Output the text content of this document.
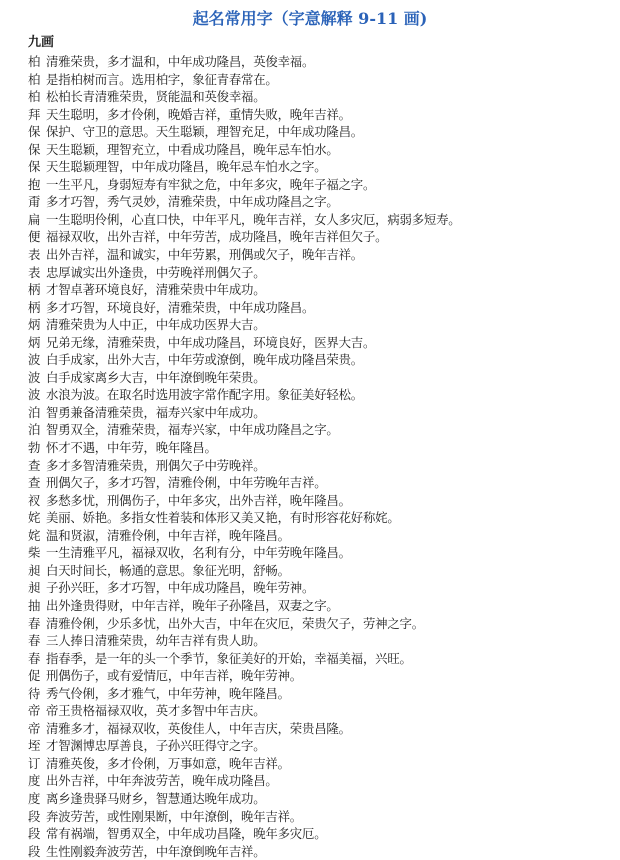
起名常用字（字意解释 9-11 画)
九画
柏 清雅荣贵，多才温和，中年成功隆昌，英俊幸福。
柏 是指柏树而言。选用柏字，象征青春常在。
柏 松柏长青清雅荣贵，贤能温和英俊幸福。
拜 天生聪明，多才伶俐，晚婚吉祥，重情失败，晚年吉祥。
保 保护、守卫的意思。天生聪颖，理智充足，中年成功隆昌。
保 天生聪颖，理智充立，中看成功隆昌，晚年忌车怕水。
保 天生聪颖理智，中年成功隆昌，晚年忌车怕水之字。
抱 一生平凡，身弱短寿有牢狱之危，中年多灾，晚年子福之字。
甭 多才巧智，秀气灵妙，清雅荣贵，中年成功隆昌之字。
扁 一生聪明伶俐，心直口快，中年平凡，晚年吉祥，女人多灾厄，病弱多短寿。
便 福禄双收，出外吉祥，中年劳苦，成功隆昌，晚年吉祥但欠子。
表 出外吉祥，温和诚实，中年劳累，刑偶或欠子，晚年吉祥。
表 忠厚诚实出外逢贵，中劳晚祥刑偶欠子。
柄 才智卓著环境良好，清雅荣贵中年成功。
柄 多才巧智，环境良好，清雅荣贵，中年成功隆昌。
炳 清雅荣贵为人中正，中年成功医界大吉。
炳 兄弟无缘，清雅荣贵，中年成功隆昌，环境良好，医界大吉。
波 白手成家，出外大吉，中年劳或潦倒，晚年成功隆昌荣贵。
波 白手成家离乡大吉，中年潦倒晚年荣贵。
波 水浪为波。在取名时选用波字常作配字用。象征美好轻松。
泊 智勇兼备清雅荣贵，福寿兴家中年成功。
泊 智勇双全，清雅荣贵，福寿兴家，中年成功隆昌之字。
勃 怀才不遇，中年劳，晚年隆昌。
查 多才多智清雅荣贵，刑偶欠子中劳晚祥。
查 刑偶欠子，多才巧智，清雅伶俐，中年劳晚年吉祥。
衩 多愁多忧，刑偶伤子，中年多灾，出外吉祥，晚年隆昌。
姹 美丽、娇艳。多指女性着装和体形又美又艳，有时形容花好称姹。
姹 温和贤淑，清雅伶俐，中年吉祥，晚年隆昌。
柴 一生清雅平凡，福禄双收，名利有分，中年劳晚年隆昌。
昶 白天时间长，畅通的意思。象征光明，舒畅。
昶 子孙兴旺，多才巧智，中年成功隆昌，晚年劳神。
抽 出外逢贵得财，中年吉祥，晚年子孙隆昌，双妻之字。
春 清雅伶俐，少乐多忧，出外大吉，中年在灾厄，荣贵欠子，劳神之字。
春 三人捧日清雅荣贵，幼年吉祥有贵人助。
春 指春季，是一年的头一个季节，象征美好的开始，幸福美福，兴旺。
促 刑偶伤子，或有爱情厄，中年吉祥，晚年劳神。
待 秀气伶俐，多才雅气，中年劳神，晚年隆昌。
帝 帝王贵格福禄双收，英才多智中年吉庆。
帝 清雅多才，福禄双收，英俊佳人，中年吉庆，荣贵昌隆。
垤 才智渊博忠厚善良，子孙兴旺得守之字。
订 清雅英俊，多才伶俐，万事如意，晚年吉祥。
度 出外吉祥，中年奔波劳苦，晚年成功隆昌。
度 离乡逢贵驿马财乡，智慧通达晚年成功。
段 奔波劳苦，或性刚果断，中年潦倒，晚年吉祥。
段 常有祸端，智勇双全，中年成功昌隆，晚年多灾厄。
段 生性刚毅奔波劳苦，中年潦倒晚年吉祥。
